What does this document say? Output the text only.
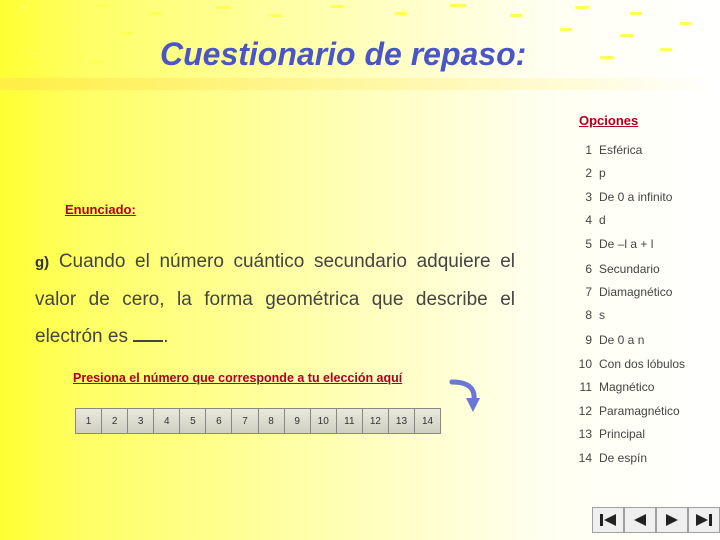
Cuestionario de repaso:
Enunciado:
g) Cuando el número cuántico secundario adquiere el valor de cero, la forma geométrica que describe el electrón es .
Presiona el número que corresponde a tu elección aquí
1	2	3	4	5	6	7	8	9	10	11	12	13	14
Opciones
1 Esférica
2 p
3 De 0 a infinito
4 d
5 De –l a + l
6 Secundario
7 Diamagnético
8 s
9 De 0 a n
10 Con dos lóbulos
11 Magnético
12 Paramagnético
13 Principal
14 De espín
